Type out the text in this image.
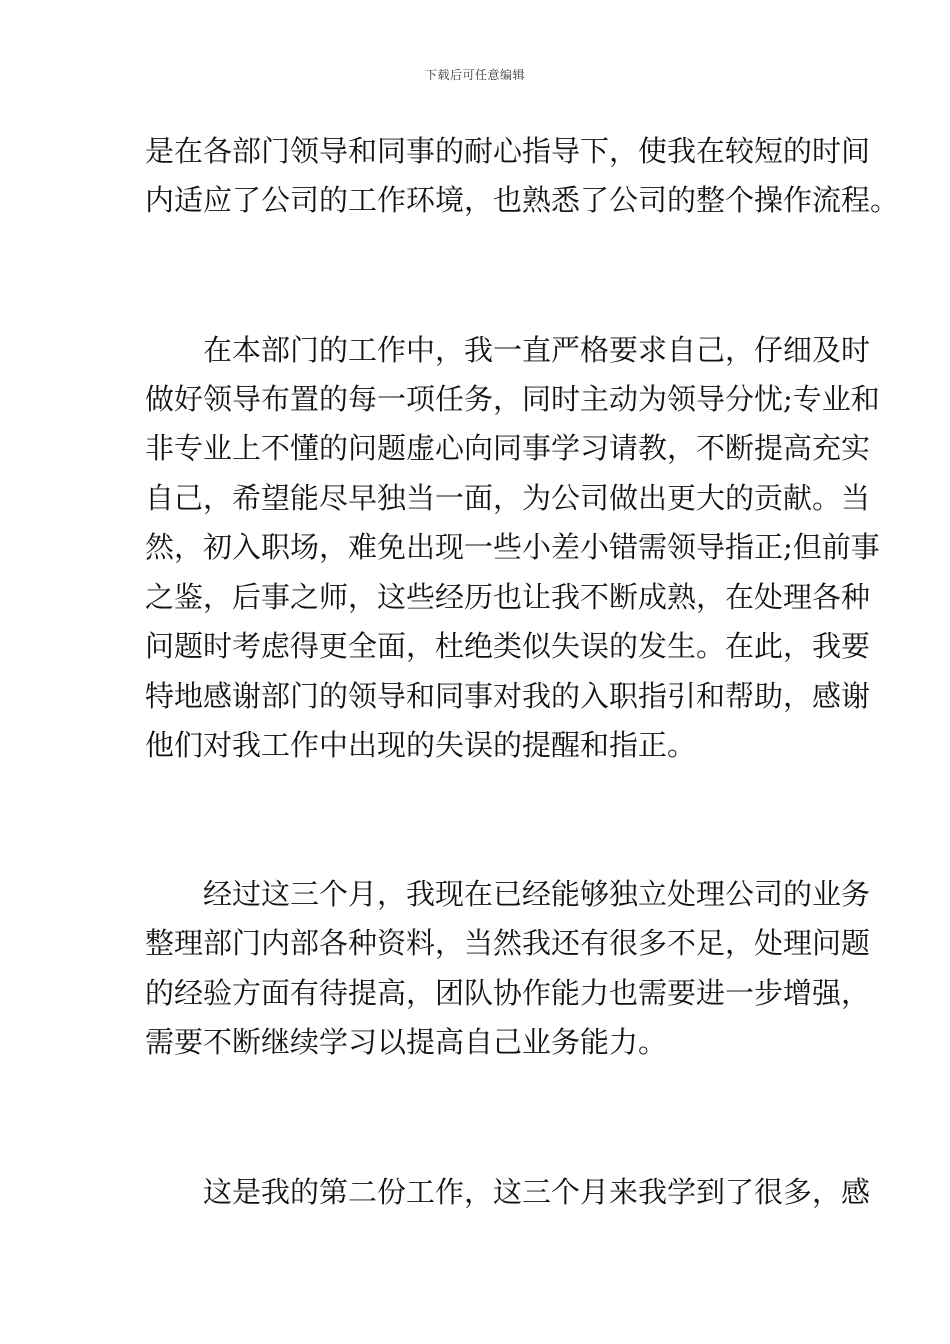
下载后可任意编辑
是在各部门领导和同事的耐心指导下，使我在较短的时间
内适应了公司的工作环境，也熟悉了公司的整个操作流程。
　　在本部门的工作中，我一直严格要求自己，仔细及时
做好领导布置的每一项任务，同时主动为领导分忧;专业和
非专业上不懂的问题虚心向同事学习请教，不断提高充实
自己，希望能尽早独当一面，为公司做出更大的贡献。当
然，初入职场，难免出现一些小差小错需领导指正;但前事
之鉴，后事之师，这些经历也让我不断成熟，在处理各种
问题时考虑得更全面，杜绝类似失误的发生。在此，我要
特地感谢部门的领导和同事对我的入职指引和帮助，感谢
他们对我工作中出现的失误的提醒和指正。
　　经过这三个月，我现在已经能够独立处理公司的业务
整理部门内部各种资料，当然我还有很多不足，处理问题
的经验方面有待提高，团队协作能力也需要进一步增强，
需要不断继续学习以提高自己业务能力。
　　这是我的第二份工作，这三个月来我学到了很多，感
